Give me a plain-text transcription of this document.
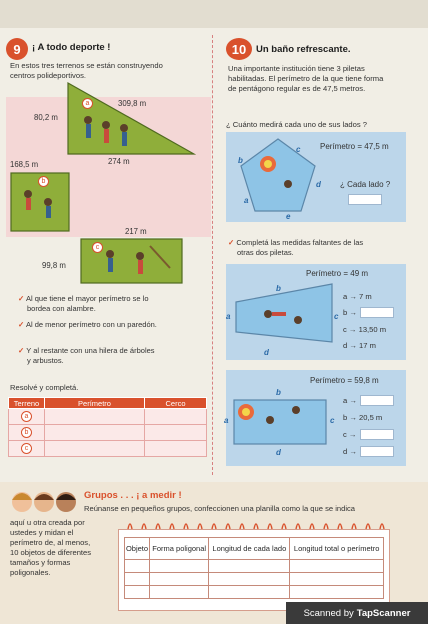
9 ¡ A todo deporte !
En estos tres terrenos se están construyendo
centros polideportivos.
a	309,8 m
80,2 m
274 m
168,5 m
b
217 m
99,8 m
c
✓ Al que tiene el mayor perímetro se lo
bordea con alambre.
✓ Al de menor perímetro con un paredón.
✓ Y al restante con una hilera de árboles
y arbustos.
Resolvé y completá.
Terreno	Perímetro	Cerco
a		
b		
c		
10 Un baño refrescante.
Una importante institución tiene 3 piletas
habilitadas. El perímetro de la que tiene forma
de pentágono regular es de 47,5 metros.
¿ Cuánto medirá cada uno de sus lados ?
b
c
d
a
e
Perímetro = 47,5 m
¿ Cada lado ?
✓ Completá las medidas faltantes de las
otras dos piletas.
Perímetro = 49 m
a
b
c
d
a → 7 m
b →
c → 13,50 m
d → 17 m
Perímetro = 59,8 m
a
b
c
d
a →
b → 20,5 m
c →
d →
Grupos . . . ¡ a medir !
Reúnanse en pequeños grupos, confeccionen una planilla como la que se indica
aquí u otra creada por
ustedes y midan el
perímetro de, al menos,
10 objetos de diferentes
tamaños y formas
poligonales.
Objeto	Forma poligonal	Longitud de cada lado	Longitud total o perímetro

Scanned by TapScanner
